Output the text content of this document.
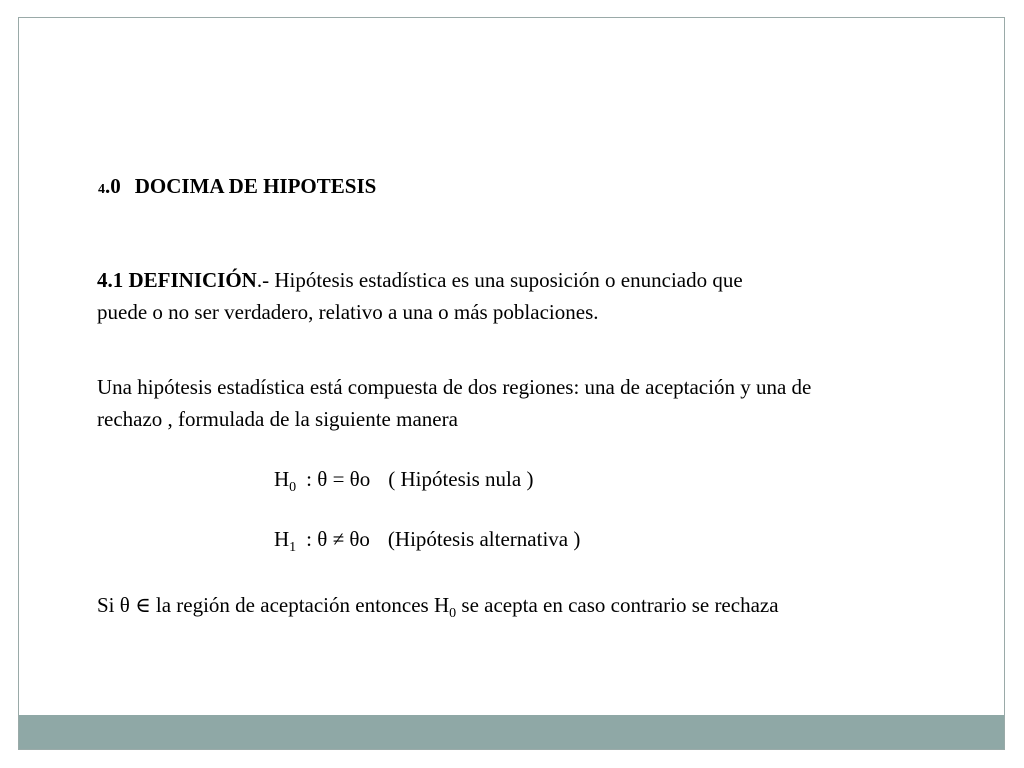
4.0 DOCIMA DE HIPOTESIS
4.1 DEFINICIÓN.- Hipótesis estadística es una suposición o enunciado que
puede o no ser verdadero, relativo a una o más poblaciones.
Una hipótesis estadística está compuesta de dos regiones: una de aceptación y una de
rechazo , formulada de la siguiente manera
$H_0$ : θ = θo ( Hipótesis nula )
$H_1$ : θ ≠ θo (Hipótesis alternativa )
Si θ ∈ la región de aceptación entonces $H_0$ se acepta en caso contrario se rechaza
